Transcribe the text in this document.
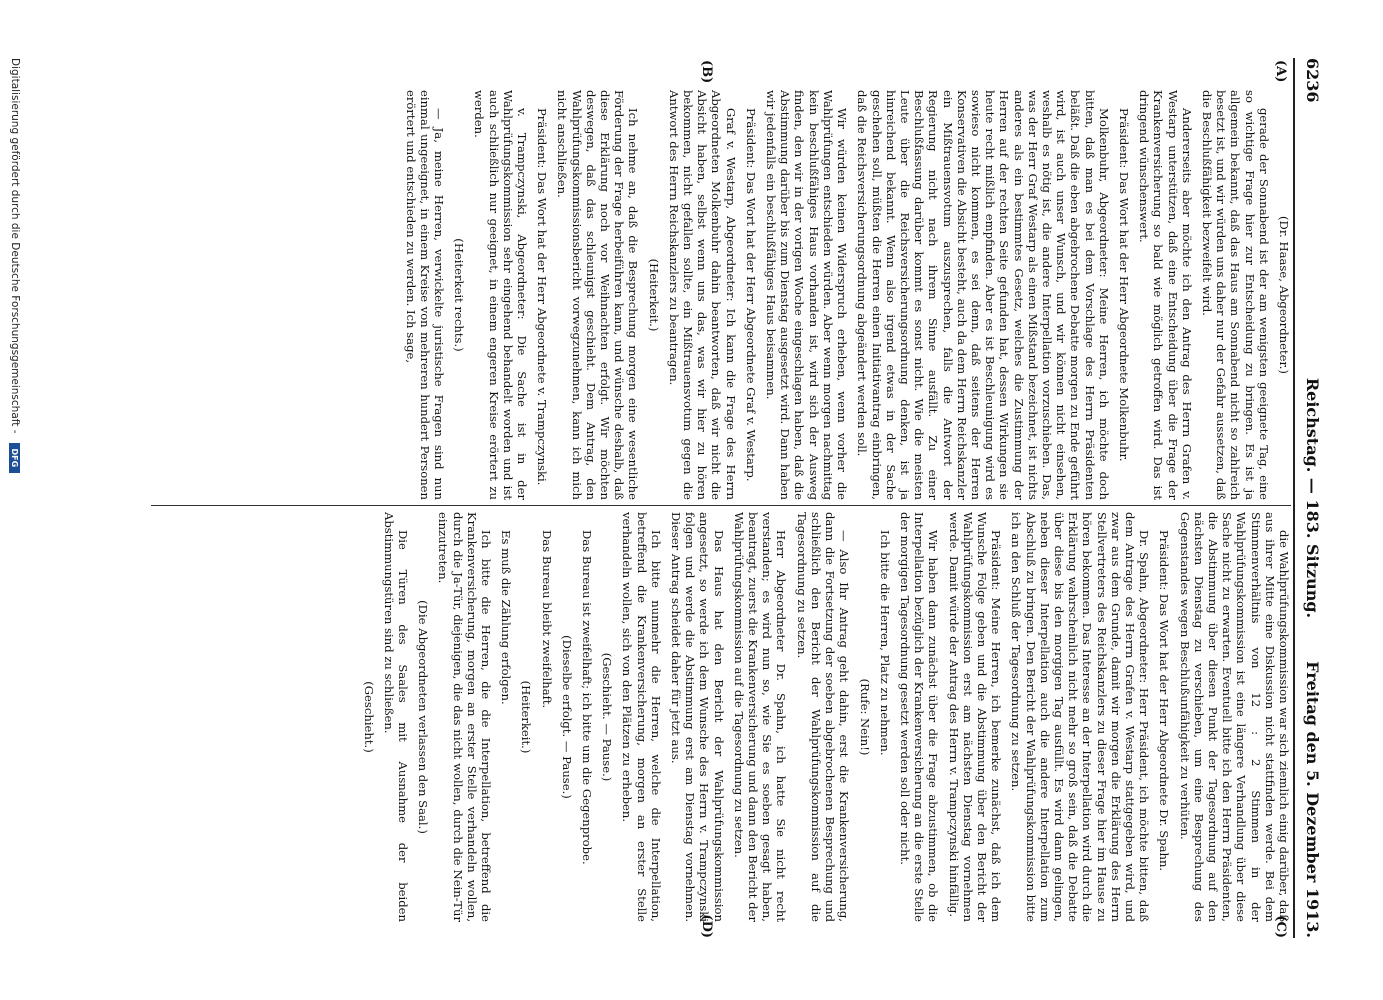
6236
Reichstag. — 183. Sitzung.
Freitag den 5. Dezember 1913.
(A)
(B)
(C)
(D)

(Dr. Haase, Abgeordneter.)

gerade der Sonnabend ist der am wenigsten geeignete Tag, eine so wichtige Frage hier zur Entscheidung zu bringen. Es ist ja allgemein bekannt, daß das Haus am Sonnabend nicht so zahlreich besetzt ist, und wir würden uns daher nur der Gefahr aussetzen, daß die Beschlußfähigkeit bezweifelt wird.

Andererseits aber möchte ich den Antrag des Herrn Grafen v. Westarp unterstützen, daß eine Entscheidung über die Frage der Krankenversicherung so bald wie möglich getroffen wird. Das ist dringend wünschenswert.

Präsident: Das Wort hat der Herr Abgeordnete Molkenbuhr.

Molkenbuhr, Abgeordneter: Meine Herren, ich möchte doch bitten, daß man es bei dem Vorschlage des Herrn Präsidenten beläßt. Daß die eben abgebrochene Debatte morgen zu Ende geführt wird, ist auch unser Wunsch, und wir können nicht einsehen, weshalb es nötig ist, die andere Interpellation vorzuschieben. Das, was der Herr Graf Westarp als einen Mißstand bezeichnet, ist nichts anderes als ein bestimmtes Gesetz, welches die Zustimmung der Herren auf der rechten Seite gefunden hat, dessen Wirkungen sie heute recht mißlich empfinden. Aber es ist Beschleunigung wird es sowieso nicht kommen, es sei denn, daß seitens der Herren Konservativen die Absicht besteht, auch da dem Herrn Reichskanzler ein Mißtrauensvotum auszusprechen, falls die Antwort der Regierung nicht nach ihrem Sinne ausfällt. Zu einer Beschlußfassung darüber kommt es sonst nicht. Wie die meisten Leute über die Reichsversicherungsordnung denken, ist ja hinreichend bekannt. Wenn also irgend etwas in der Sache geschehen soll, müßten die Herren einen Initiativantrag einbringen, daß die Reichsversicherungsordnung abgeändert werden soll.

Wir würden keinen Widerspruch erheben, wenn vorher die Wahlprüfungen entschieden würden. Aber wenn morgen nachmittag kein beschlußfähiges Haus vorhanden ist, wird sich der Ausweg finden, den wir in der vorigen Woche eingeschlagen haben, daß die Abstimmung darüber bis zum Dienstag ausgesetzt wird. Dann haben wir jedenfalls ein beschlußfähiges Haus beisammen.

Präsident: Das Wort hat der Herr Abgeordnete Graf v. Westarp.

Graf v. Westarp, Abgeordneter: Ich kann die Frage des Herrn Abgeordneten Molkenbuhr dahin beantworten, daß wir nicht die Absicht haben, selbst wenn uns das, was wir hier zu hören bekommen, nicht gefallen sollte, ein Mißtrauensvotum gegen die Antwort des Herrn Reichskanzlers zu beantragen.

(Heiterkeit.)

Ich nehme an, daß die Besprechung morgen eine wesentliche Förderung der Frage herbeiführen kann, und wünsche deshalb, daß diese Erklärung noch vor Weihnachten erfolgt. Wir möchten deswegen, daß das schleunigst geschieht. Dem Antrag, den Wahlprüfungskommissionsbericht vorwegzunehmen, kann ich mich nicht anschließen.

Präsident: Das Wort hat der Herr Abgeordnete v. Trampczynski.

v. Trampczynski, Abgeordneter: Die Sache ist in der Wahlprüfungskommission sehr eingehend behandelt worden und ist auch schließlich nur geeignet, in einem engeren Kreise erörtert zu werden.

(Heiterkeit rechts.)

— Ja, meine Herren, verwickelte juristische Fragen sind nun einmal ungeeignet, in einem Kreise von mehreren hundert Personen erörtert und entschieden zu werden. Ich sage,

die Wahlprüfungskommission war sich ziemlich einig darüber, daß aus ihrer Mitte eine Diskussion nicht stattfinden werde. Bei dem Stimmenverhältnis von 12 : 2 Stimmen in der Wahlprüfungskommission ist eine längere Verhandlung über diese Sache nicht zu erwarten. Eventuell bitte ich den Herrn Präsidenten, die Abstimmung über diesen Punkt der Tagesordnung auf den nächsten Dienstag zu verschieben, um eine Besprechung des Gegenstandes wegen Beschlußunfähigkeit zu verhüten.

Präsident: Das Wort hat der Herr Abgeordnete Dr. Spahn.

Dr. Spahn, Abgeordneter: Herr Präsident, ich möchte bitten, daß dem Antrage des Herrn Grafen v. Westarp stattgegeben wird, und zwar aus dem Grunde, damit wir morgen die Erklärung des Herrn Stellvertreters des Reichskanzlers zu dieser Frage hier im Hause zu hören bekommen. Das Interesse an der Interpellation wird durch die Erklärung wahrscheinlich nicht mehr so groß sein, daß die Debatte über diese bis den morgigen Tag ausfüllt. Es wird dann gelingen, neben dieser Interpellation auch die andere Interpellation zum Abschluß zu bringen. Den Bericht der Wahlprüfungskommission bitte ich an den Schluß der Tagesordnung zu setzen.

Präsident: Meine Herren, ich bemerke zunächst, daß ich dem Wunsche Folge geben und die Abstimmung über den Bericht der Wahlprüfungskommission erst am nächsten Dienstag vornehmen werde. Damit würde der Antrag des Herrn v. Trampczynski hinfällig.

Wir haben dann zunächst über die Frage abzustimmen, ob die Interpellation bezüglich der Krankenversicherung an die erste Stelle der morgigen Tagesordnung gesetzt werden soll oder nicht.

Ich bitte die Herren, Platz zu nehmen.

(Rufe: Nein!)

— Also Ihr Antrag geht dahin, erst die Krankenversicherung, dann die Fortsetzung der soeben abgebrochenen Besprechung und schließlich den Bericht der Wahlprüfungskommission auf die Tagesordnung zu setzen.

Herr Abgeordneter Dr. Spahn, ich hatte Sie nicht recht verstanden; es wird nun so, wie Sie es soeben gesagt haben, beantragt, zuerst die Krankenversicherung und dann den Bericht der Wahlprüfungskommission auf die Tagesordnung zu setzen.

Das Haus hat den Bericht der Wahlprüfungskommission angesetzt, so werde ich dem Wunsche des Herrn v. Trampczynski folgen und werde die Abstimmung erst am Dienstag vornehmen. Dieser Antrag scheidet daher für jetzt aus.

Ich bitte nunmehr die Herren, welche die Interpellation, betreffend die Krankenversicherung, morgen an erster Stelle verhandeln wollen, sich von den Plätzen zu erheben.

(Geschieht. — Pause.)

Das Bureau ist zweifelhaft; ich bitte um die Gegenprobe.

(Dieselbe erfolgt. — Pause.)

Das Bureau bleibt zweifelhaft.

(Heiterkeit.)

Es muß die Zählung erfolgen.

Ich bitte die Herren, die die Interpellation, betreffend die Krankenversicherung, morgen an erster Stelle verhandeln wollen, durch die Ja-Tür, diejenigen, die das nicht wollen, durch die Nein-Tür einzutreten.

(Die Abgeordneten verlassen den Saal.)

Die Türen des Saales mit Ausnahme der beiden Abstimmungstüren sind zu schließen.

(Geschieht.)

Digitalisierung gefördert durch die Deutsche Forschungsgemeinschaft - DFG
